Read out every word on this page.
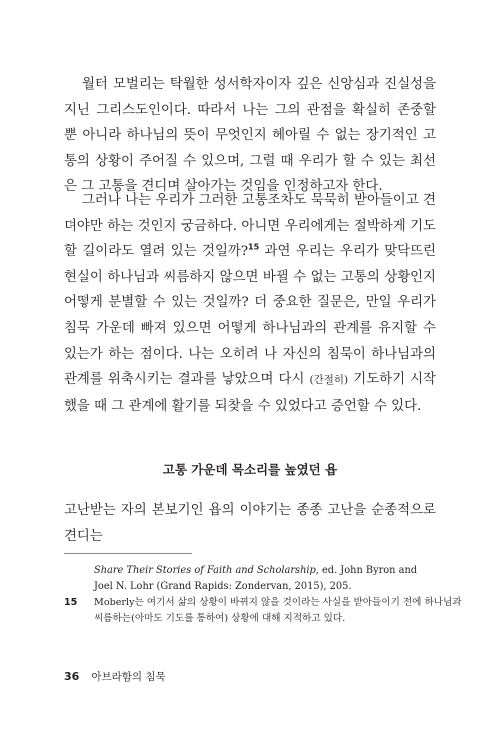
월터 모벌리는 탁월한 성서학자이자 깊은 신앙심과 진실성을 지닌 그리스도인이다. 따라서 나는 그의 관점을 확실히 존중할 뿐 아니라 하나님의 뜻이 무엇인지 헤아릴 수 없는 장기적인 고통의 상황이 주어질 수 있으며, 그럴 때 우리가 할 수 있는 최선은 그 고통을 견디며 살아가는 것임을 인정하고자 한다.

그러나 나는 우리가 그러한 고통조차도 묵묵히 받아들이고 견뎌야만 하는 것인지 궁금하다. 아니면 우리에게는 절박하게 기도할 길이라도 열려 있는 것일까?$^{15}$ 과연 우리는 우리가 맞닥뜨린 현실이 하나님과 씨름하지 않으면 바뀔 수 없는 고통의 상황인지 어떻게 분별할 수 있는 것일까? 더 중요한 질문은, 만일 우리가 침묵 가운데 빠져 있으면 어떻게 하나님과의 관계를 유지할 수 있는가 하는 점이다. 나는 오히려 나 자신의 침묵이 하나님과의 관계를 위축시키는 결과를 낳았으며 다시 (간절히) 기도하기 시작했을 때 그 관계에 활기를 되찾을 수 있었다고 증언할 수 있다.

고통 가운데 목소리를 높였던 욥

고난받는 자의 본보기인 욥의 이야기는 종종 고난을 순종적으로 견디는

Share Their Stories of Faith and Scholarship, ed. John Byron and Joel N. Lohr (Grand Rapids: Zondervan, 2015), 205.
15 Moberly는 여기서 삶의 상황이 바뀌지 않을 것이라는 사실을 받아들이기 전에 하나님과
씨름하는(아마도 기도를 통하여) 상황에 대해 지적하고 있다.
36 아브라함의 침묵
